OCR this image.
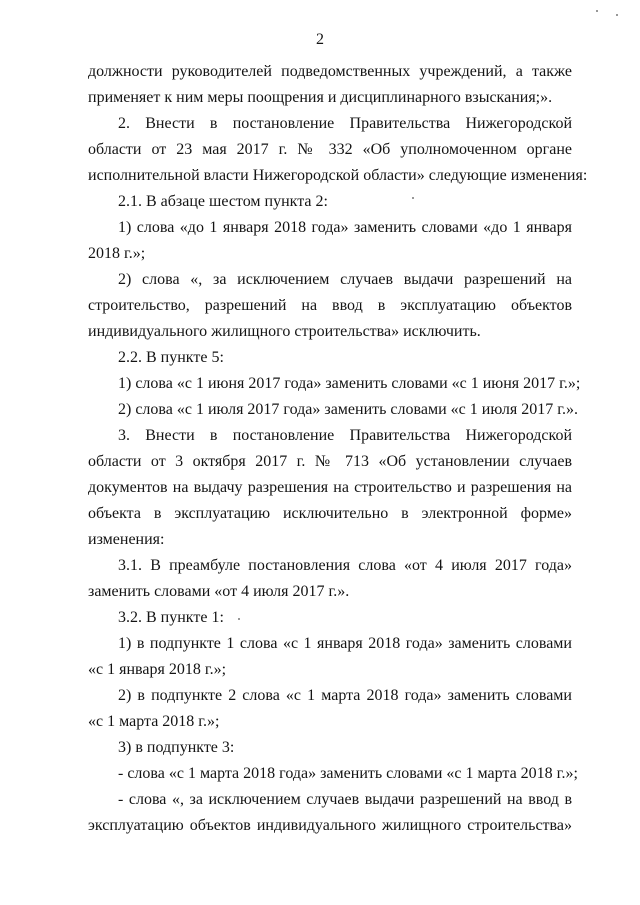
2
должности руководителей подведомственных учреждений, а также
применяет к ним меры поощрения и дисциплинарного взыскания;».
2. Внести в постановление Правительства Нижегородской
области от 23 мая 2017 г. № 332 «Об уполномоченном органе
исполнительной власти Нижегородской области» следующие изменения:
2.1. В абзаце шестом пункта 2:
1) слова «до 1 января 2018 года» заменить словами «до 1 января
2018 г.»;
2) слова «, за исключением случаев выдачи разрешений на
строительство, разрешений на ввод в эксплуатацию объектов
индивидуального жилищного строительства» исключить.
2.2. В пункте 5:
1) слова «с 1 июня 2017 года» заменить словами «с 1 июня 2017 г.»;
2) слова «с 1 июля 2017 года» заменить словами «с 1 июля 2017 г.».
3. Внести в постановление Правительства Нижегородской
области от 3 октября 2017 г. № 713 «Об установлении случаев
документов на выдачу разрешения на строительство и разрешения на
объекта в эксплуатацию исключительно в электронной форме»
изменения:
3.1. В преамбуле постановления слова «от 4 июля 2017 года»
заменить словами «от 4 июля 2017 г.».
3.2. В пункте 1:
1) в подпункте 1 слова «с 1 января 2018 года» заменить словами
«с 1 января 2018 г.»;
2) в подпункте 2 слова «с 1 марта 2018 года» заменить словами
«с 1 марта 2018 г.»;
3) в подпункте 3:
- слова «с 1 марта 2018 года» заменить словами «с 1 марта 2018 г.»;
- слова «, за исключением случаев выдачи разрешений на ввод в
эксплуатацию объектов индивидуального жилищного строительства»
